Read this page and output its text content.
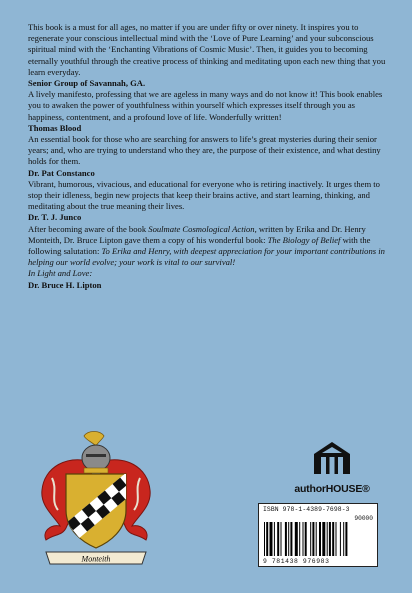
This book is a must for all ages, no matter if you are under fifty or over ninety. It inspires you to regenerate your conscious intellectual mind with the ‘Love of Pure Learning’ and your subconscious spiritual mind with the ‘Enchanting Vibrations of Cosmic Music’. Then, it guides you to becoming eternally youthful through the creative process of thinking and meditating upon each new thing that you learn everyday.

Senior Group of Savannah, GA.

A lively manifesto, professing that we are ageless in many ways and do not know it! This book enables you to awaken the power of youthfulness within yourself which expresses itself through you as happiness, contentment, and a profound love of life. Wonderfully written!

Thomas Blood

An essential book for those who are searching for answers to life’s great mysteries during their senior years; and, who are trying to understand who they are, the purpose of their existence, and what destiny holds for them.

Dr. Pat Constanco

Vibrant, humorous, vivacious, and educational for everyone who is retiring inactively. It urges them to stop their idleness, begin new projects that keep their brains active, and start learning, thinking, and meditating about the true meaning their lives.

Dr. T. J. Junco

After becoming aware of the book Soulmate Cosmological Action, written by Erika and Dr. Henry Monteith, Dr. Bruce Lipton gave them a copy of his wonderful book: The Biology of Belief with the following salutation: To Erika and Henry, with deepest appreciation for your important contributions in helping our world evolve; your work is vital to our survival!

In Light and Love:

Dr. Bruce H. Lipton

Monteith
authorHOUSE®
ISBN 978-1-4389-7698-3
90000
9 781438 976983
